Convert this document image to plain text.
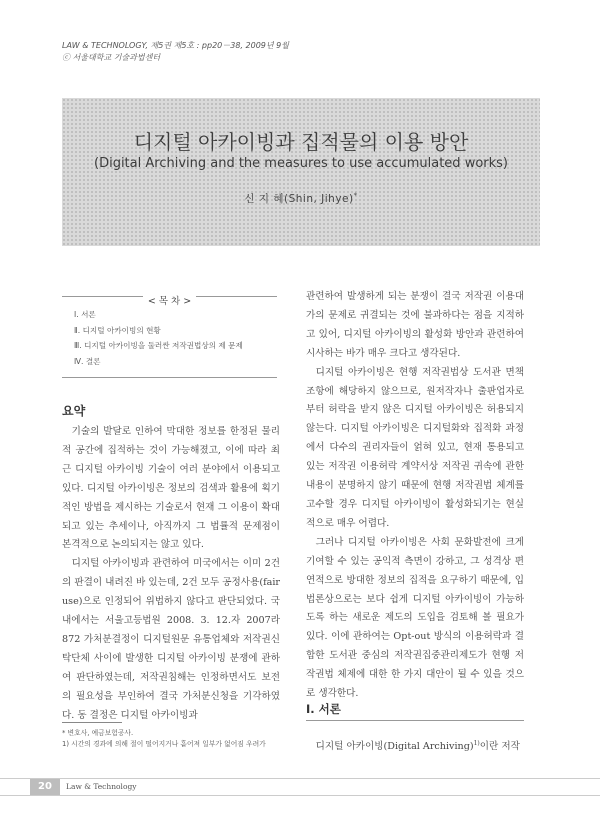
LAW & TECHNOLOGY, 제5권 제5호 : pp20－38, 2009년 9월
ⓒ 서울대학교 기술과법센터
디지털 아카이빙과 집적물의 이용 방안
(Digital Archiving and the measures to use accumulated works)
신 지 혜(Shin, Jihye)*
< 목 차 >
Ⅰ. 서론
Ⅱ. 디지털 아카이빙의 현황
Ⅲ. 디지털 아카이빙을 둘러싼 저작권법상의 제 문제
Ⅳ. 결론
요약

기술의 발달로 인하여 막대한 정보를 한정된 물리적 공간에 집적하는 것이 가능해졌고, 이에 따라 최근 디지털 아카이빙 기술이 여러 분야에서 이용되고 있다. 디지털 아카이빙은 정보의 검색과 활용에 획기적인 방법을 제시하는 기술로서 현재 그 이용이 확대되고 있는 추세이나, 아직까지 그 법률적 문제점이 본격적으로 논의되지는 않고 있다.

디지털 아카이빙과 관련하여 미국에서는 이미 2건의 판결이 내려진 바 있는데, 2건 모두 공정사용(fair use)으로 인정되어 위법하지 않다고 판단되었다. 국내에서는 서울고등법원 2008. 3. 12.자 2007라872 가처분결정이 디지털원문 유통업체와 저작권신탁단체 사이에 발생한 디지털 아카이빙 분쟁에 관하여 판단하였는데, 저작권침해는 인정하면서도 보전의 필요성을 부인하여 결국 가처분신청을 기각하였다. 동 결정은 디지털 아카이빙과

관련하여 발생하게 되는 분쟁이 결국 저작권 이용대가의 문제로 귀결되는 것에 불과하다는 점을 지적하고 있어, 디지털 아카이빙의 활성화 방안과 관련하여 시사하는 바가 매우 크다고 생각된다.

디지털 아카이빙은 현행 저작권법상 도서관 면책 조항에 해당하지 않으므로, 원저작자나 출판업자로부터 허락을 받지 않은 디지털 아카이빙은 허용되지 않는다. 디지털 아카이빙은 디지털화와 집적화 과정에서 다수의 권리자들이 얽혀 있고, 현재 통용되고 있는 저작권 이용허락 계약서상 저작권 귀속에 관한 내용이 분명하지 않기 때문에 현행 저작권법 체계를 고수할 경우 디지털 아카이빙이 활성화되기는 현실적으로 매우 어렵다.

그러나 디지털 아카이빙은 사회 문화발전에 크게 기여할 수 있는 공익적 측면이 강하고, 그 성격상 편연적으로 방대한 정보의 집적을 요구하기 때문에, 입법론상으로는 보다 쉽게 디지털 아카이빙이 가능하도록 하는 새로운 제도의 도입을 검토해 볼 필요가 있다. 이에 관하여는 Opt-out 방식의 이용허락과 결합한 도서관 중심의 저작권집중관리제도가 현행 저작권법 체제에 대한 한 가지 대안이 될 수 있을 것으로 생각한다.

* 변호사, 예금보험공사.
1) 시간의 경과에 의해 절이 떨어지거나 흩어져 일부가 없어짐 우려가
Ⅰ. 서론
디지털 아카이빙(Digital Archiving)$^{1)}$이란 저작
20	Law & Technology
